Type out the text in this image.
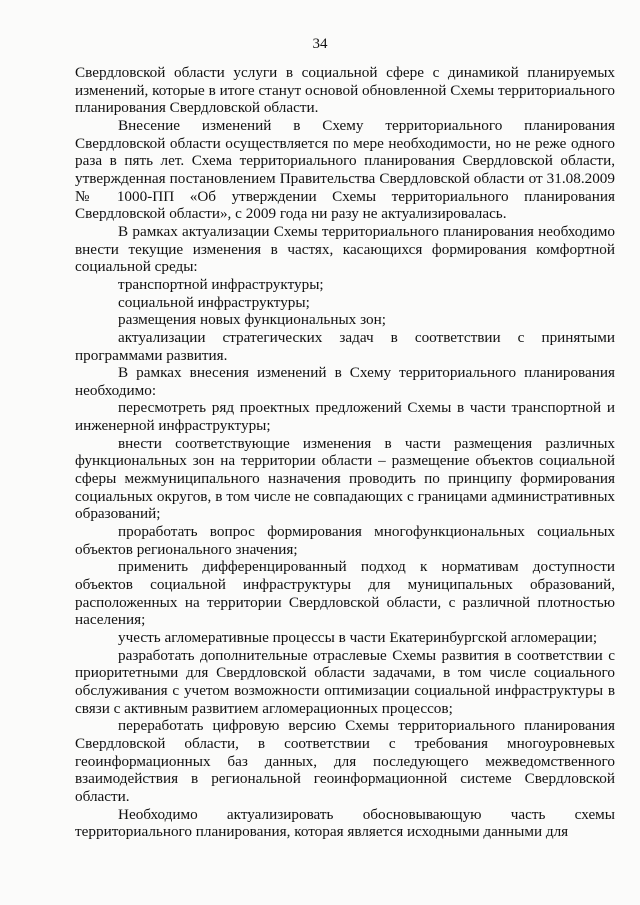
34

Свердловской области услуги в социальной сфере с динамикой планируемых изменений, которые в итоге станут основой обновленной Схемы территориального планирования Свердловской области.

Внесение изменений в Схему территориального планирования Свердловской области осуществляется по мере необходимости, но не реже одного раза в пять лет. Схема территориального планирования Свердловской области, утвержденная постановлением Правительства Свердловской области от 31.08.2009 № 1000-ПП «Об утверждении Схемы территориального планирования Свердловской области», с 2009 года ни разу не актуализировалась.

В рамках актуализации Схемы территориального планирования необходимо внести текущие изменения в частях, касающихся формирования комфортной социальной среды:

транспортной инфраструктуры;

социальной инфраструктуры;

размещения новых функциональных зон;

актуализации стратегических задач в соответствии с принятыми программами развития.

В рамках внесения изменений в Схему территориального планирования необходимо:

пересмотреть ряд проектных предложений Схемы в части транспортной и инженерной инфраструктуры;

внести соответствующие изменения в части размещения различных функциональных зон на территории области – размещение объектов социальной сферы межмуниципального назначения проводить по принципу формирования социальных округов, в том числе не совпадающих с границами административных образований;

проработать вопрос формирования многофункциональных социальных объектов регионального значения;

применить дифференцированный подход к нормативам доступности объектов социальной инфраструктуры для муниципальных образований, расположенных на территории Свердловской области, с различной плотностью населения;

учесть агломеративные процессы в части Екатеринбургской агломерации;

разработать дополнительные отраслевые Схемы развития в соответствии с приоритетными для Свердловской области задачами, в том числе социального обслуживания с учетом возможности оптимизации социальной инфраструктуры в связи с активным развитием агломерационных процессов;

переработать цифровую версию Схемы территориального планирования Свердловской области, в соответствии с требования многоуровневых геоинформационных баз данных, для последующего межведомственного взаимодействия в региональной геоинформационной системе Свердловской области.

Необходимо актуализировать обосновывающую часть схемы территориального планирования, которая является исходными данными для
